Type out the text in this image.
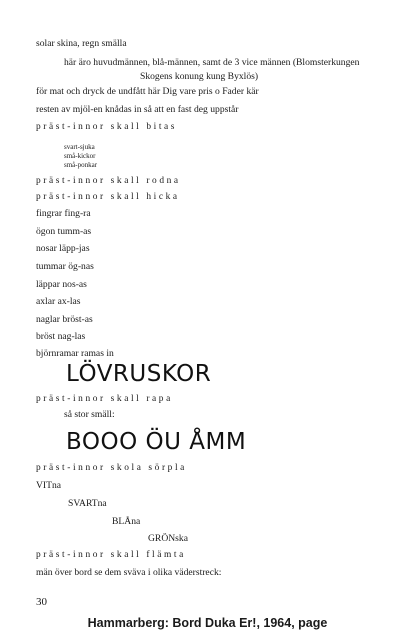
solar skina, regn smälla
här äro huvudmännen, blå-männen, samt de 3 vice männen (Blomsterkungen
Skogens konung kung Byxlös)
för mat och dryck de undfått här Dig vare pris o Fader kär
resten av mjöl-en knådas in så att en fast deg uppstår
präst-innor skall bitas
svart-sjuka
små-kickor
små-ponkar
präst-innor skall rodna
präst-innor skall hicka
fingrar fing-ra
ögon tumm-as
nosar läpp-jas
tummar ög-nas
läppar nos-as
axlar ax-las
naglar bröst-as
bröst nag-las
björnramar ramas in
LÖVRUSKOR
präst-innor skall rapa
så stor smäll:
BOOO ÖU ÅMM
präst-innor skola sörpla
VITna
SVARTna
BLÅna
GRÖNska
präst-innor skall flämta
män över bord se dem sväva i olika väderstreck:
30
Hammarberg: Bord Duka Er!, 1964, page
